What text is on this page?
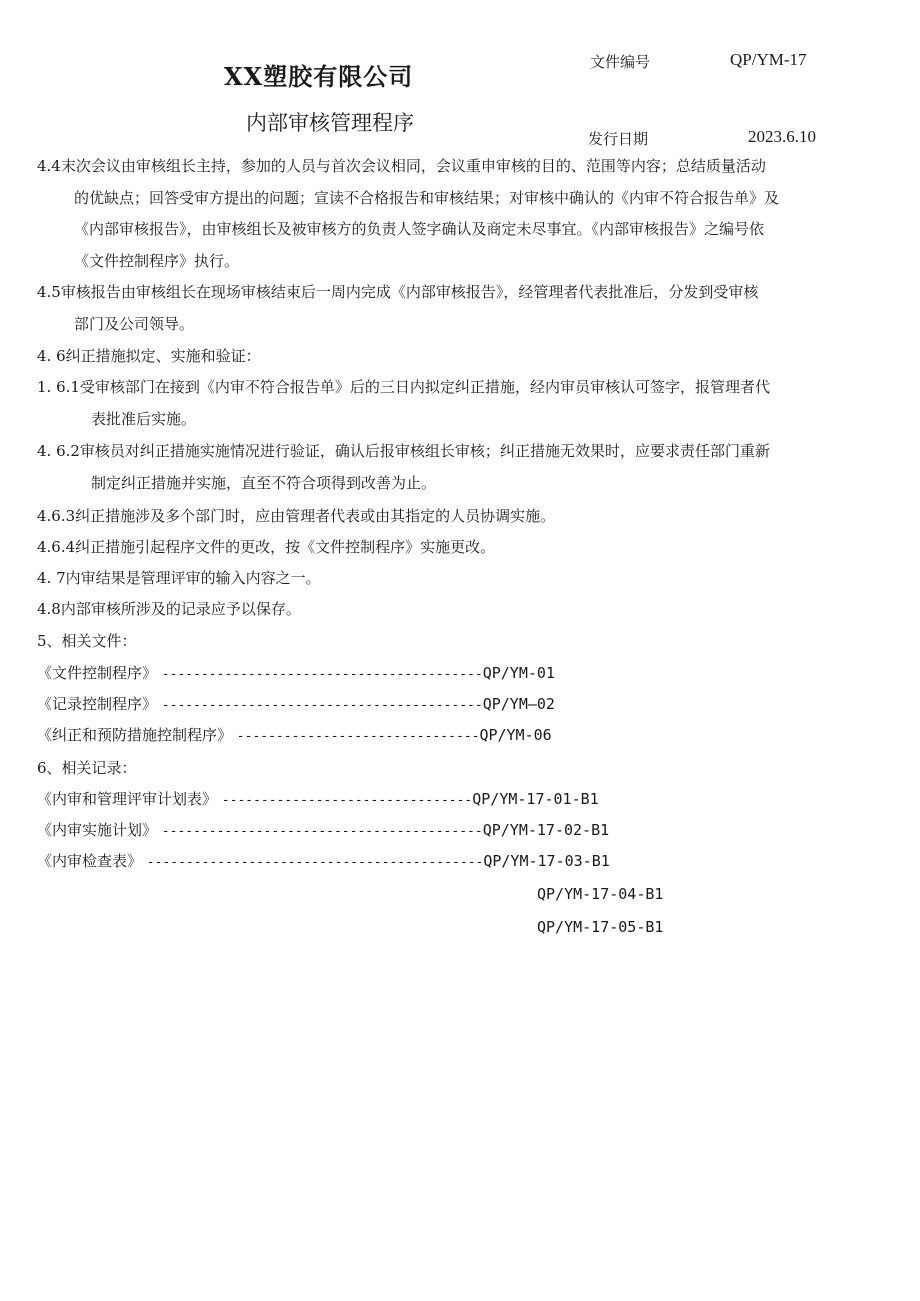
XX塑胶有限公司
内部审核管理程序
文件编号	QP/YM-17
发行日期	2023.6.10
4.4末次会议由审核组长主持，参加的人员与首次会议相同，会议重申审核的目的、范围等内容；总结质量活动
的优缺点；回答受审方提出的问题；宣读不合格报告和审核结果；对审核中确认的《内审不符合报告单》及
《内部审核报告》，由审核组长及被审核方的负责人签字确认及商定未尽事宜。《内部审核报告》之编号依
《文件控制程序》执行。
4.5审核报告由审核组长在现场审核结束后一周内完成《内部审核报告》，经管理者代表批准后，分发到受审核
部门及公司领导。
4. 6纠正措施拟定、实施和验证：
1. 6.1受审核部门在接到《内审不符合报告单》后的三日内拟定纠正措施，经内审员审核认可签字，报管理者代
表批准后实施。
4. 6.2审核员对纠正措施实施情况进行验证，确认后报审核组长审核；纠正措施无效果时，应要求责任部门重新
制定纠正措施并实施，直至不符合项得到改善为止。
4.6.3纠正措施涉及多个部门时，应由管理者代表或由其指定的人员协调实施。
4.6.4纠正措施引起程序文件的更改，按《文件控制程序》实施更改。
4. 7内审结果是管理评审的输入内容之一。
4.8内部审核所涉及的记录应予以保存。
5、相关文件：
《文件控制程序》 -----------------------------------------QP/YM-01
《记录控制程序》 -----------------------------------------QP/YM—02
《纠正和预防措施控制程序》 -------------------------------QP/YM-06
6、相关记录：
《内审和管理评审计划表》 --------------------------------QP/YM-17-01-B1
《内审实施计划》 -----------------------------------------QP/YM-17-02-B1
《内审检查表》 -------------------------------------------QP/YM-17-03-B1
QP/YM-17-04-B1
QP/YM-17-05-B1
